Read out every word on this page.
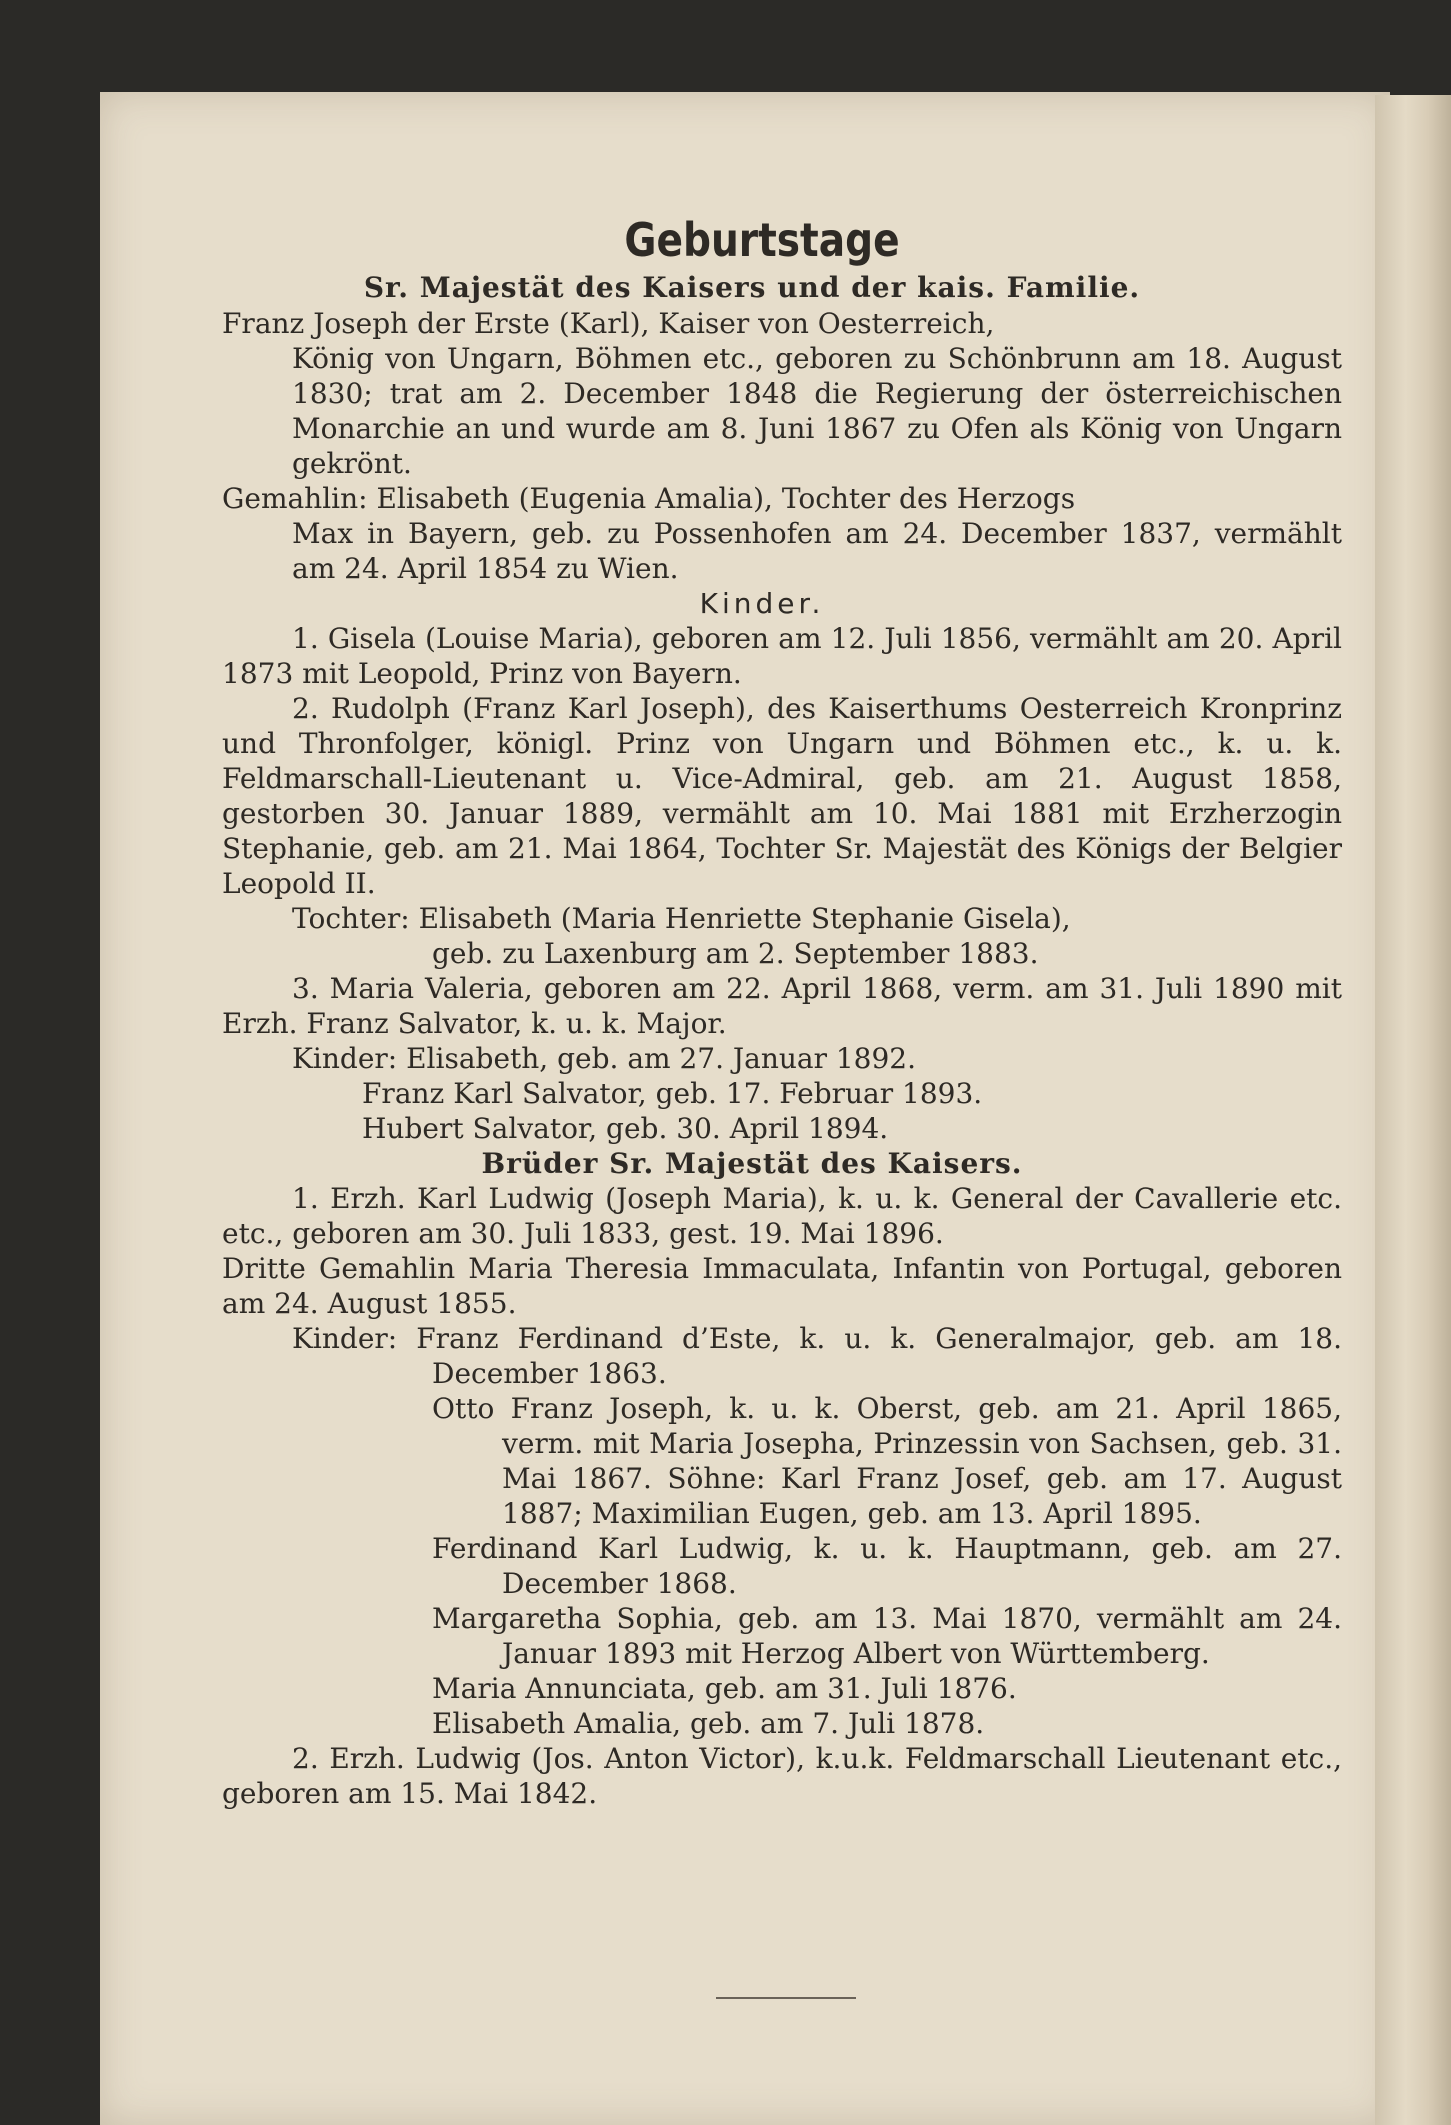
Geburtstage
Sr. Majestät des Kaisers und der kais. Familie.
Franz Joseph der Erste (Karl), Kaiser von Oesterreich,
König von Ungarn, Böhmen etc., geboren zu Schönbrunn am 18. August 1830; trat am 2. December 1848 die Regierung der österreichischen Monarchie an und wurde am 8. Juni 1867 zu Ofen als König von Ungarn gekrönt.
Gemahlin: Elisabeth (Eugenia Amalia), Tochter des Herzogs
Max in Bayern, geb. zu Possenhofen am 24. December 1837, vermählt am 24. April 1854 zu Wien.
Kinder.
1. Gisela (Louise Maria), geboren am 12. Juli 1856, vermählt am 20. April 1873 mit Leopold, Prinz von Bayern.
2. Rudolph (Franz Karl Joseph), des Kaiserthums Oesterreich Kronprinz und Thronfolger, königl. Prinz von Ungarn und Böhmen etc., k. u. k. Feldmarschall-Lieutenant u. Vice-Admiral, geb. am 21. August 1858, gestorben 30. Januar 1889, vermählt am 10. Mai 1881 mit Erzherzogin Stephanie, geb. am 21. Mai 1864, Tochter Sr. Majestät des Königs der Belgier Leopold II.
Tochter: Elisabeth (Maria Henriette Stephanie Gisela),
geb. zu Laxenburg am 2. September 1883.
3. Maria Valeria, geboren am 22. April 1868, verm. am 31. Juli 1890 mit Erzh. Franz Salvator, k. u. k. Major.
Kinder: Elisabeth, geb. am 27. Januar 1892.
Franz Karl Salvator, geb. 17. Februar 1893.
Hubert Salvator, geb. 30. April 1894.
Brüder Sr. Majestät des Kaisers.
1. Erzh. Karl Ludwig (Joseph Maria), k. u. k. General der Cavallerie etc. etc., geboren am 30. Juli 1833, gest. 19. Mai 1896.
Dritte Gemahlin Maria Theresia Immaculata, Infantin von Portugal, geboren am 24. August 1855.
Kinder: Franz Ferdinand d’Este, k. u. k. Generalmajor, geb. am 18. December 1863.
Otto Franz Joseph, k. u. k. Oberst, geb. am 21. April 1865, verm. mit Maria Josepha, Prinzessin von Sachsen, geb. 31. Mai 1867. Söhne: Karl Franz Josef, geb. am 17. August 1887; Maximilian Eugen, geb. am 13. April 1895.
Ferdinand Karl Ludwig, k. u. k. Hauptmann, geb. am 27. December 1868.
Margaretha Sophia, geb. am 13. Mai 1870, vermählt am 24. Januar 1893 mit Herzog Albert von Württemberg.
Maria Annunciata, geb. am 31. Juli 1876.
Elisabeth Amalia, geb. am 7. Juli 1878.
2. Erzh. Ludwig (Jos. Anton Victor), k.u.k. Feldmarschall Lieutenant etc., geboren am 15. Mai 1842.
